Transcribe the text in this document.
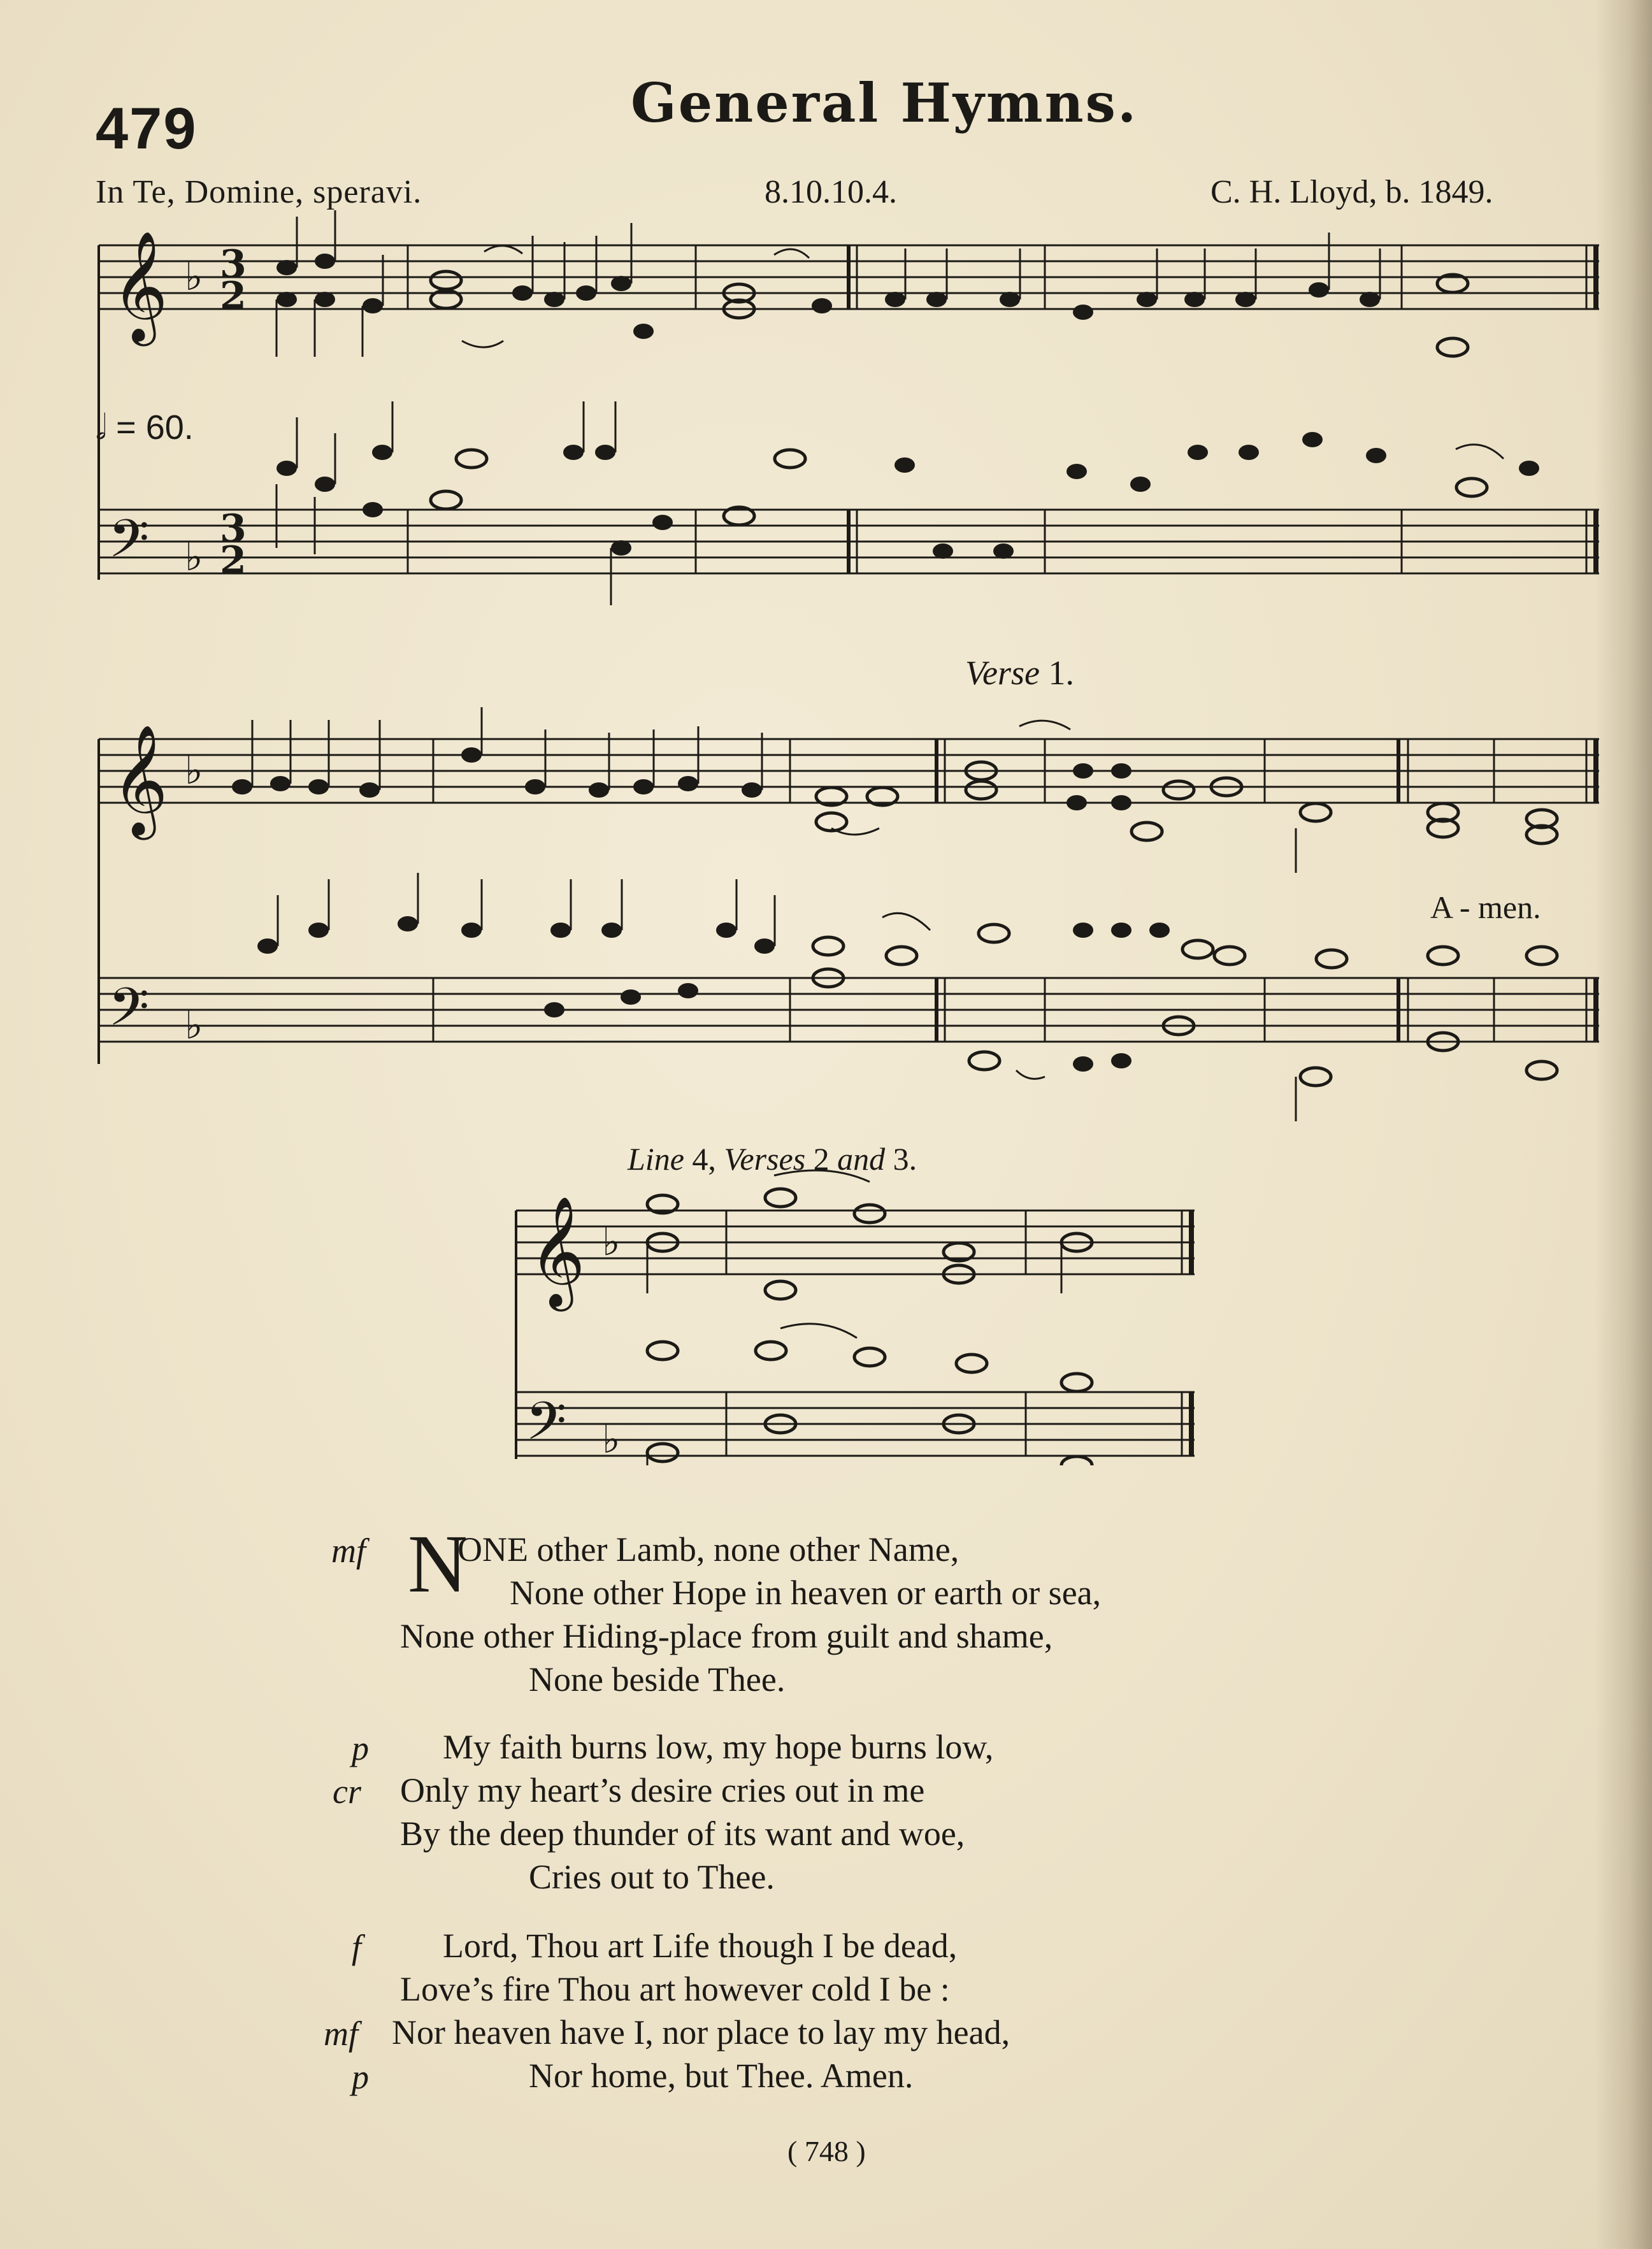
479	General Hymns.
In Te, Domine, speravi.	8.10.10.4.	C. H. Lloyd, b. 1849.
𝄞 ♭ 3
2
𝄢 ♭
3
2
𝄞 ♭
𝄢 ♭
𝄞 ♭
𝄢 ♭
𝅗𝅥 = 60.
Verse 1.
A - men.
Line 4, Verses 2 and 3.
N
mf	ONE other Lamb, none other Name,
None other Hope in heaven or earth or sea,
None other Hiding-place from guilt and shame,
None beside Thee.
p My faith burns low, my hope burns low,
cr Only my heart’s desire cries out in me
By the deep thunder of its want and woe,
Cries out to Thee.
f Lord, Thou art Life though I be dead,
Love’s fire Thou art however cold I be :
mf Nor heaven have I, nor place to lay my head,
p	Nor home, but Thee. Amen.
( 748 )
